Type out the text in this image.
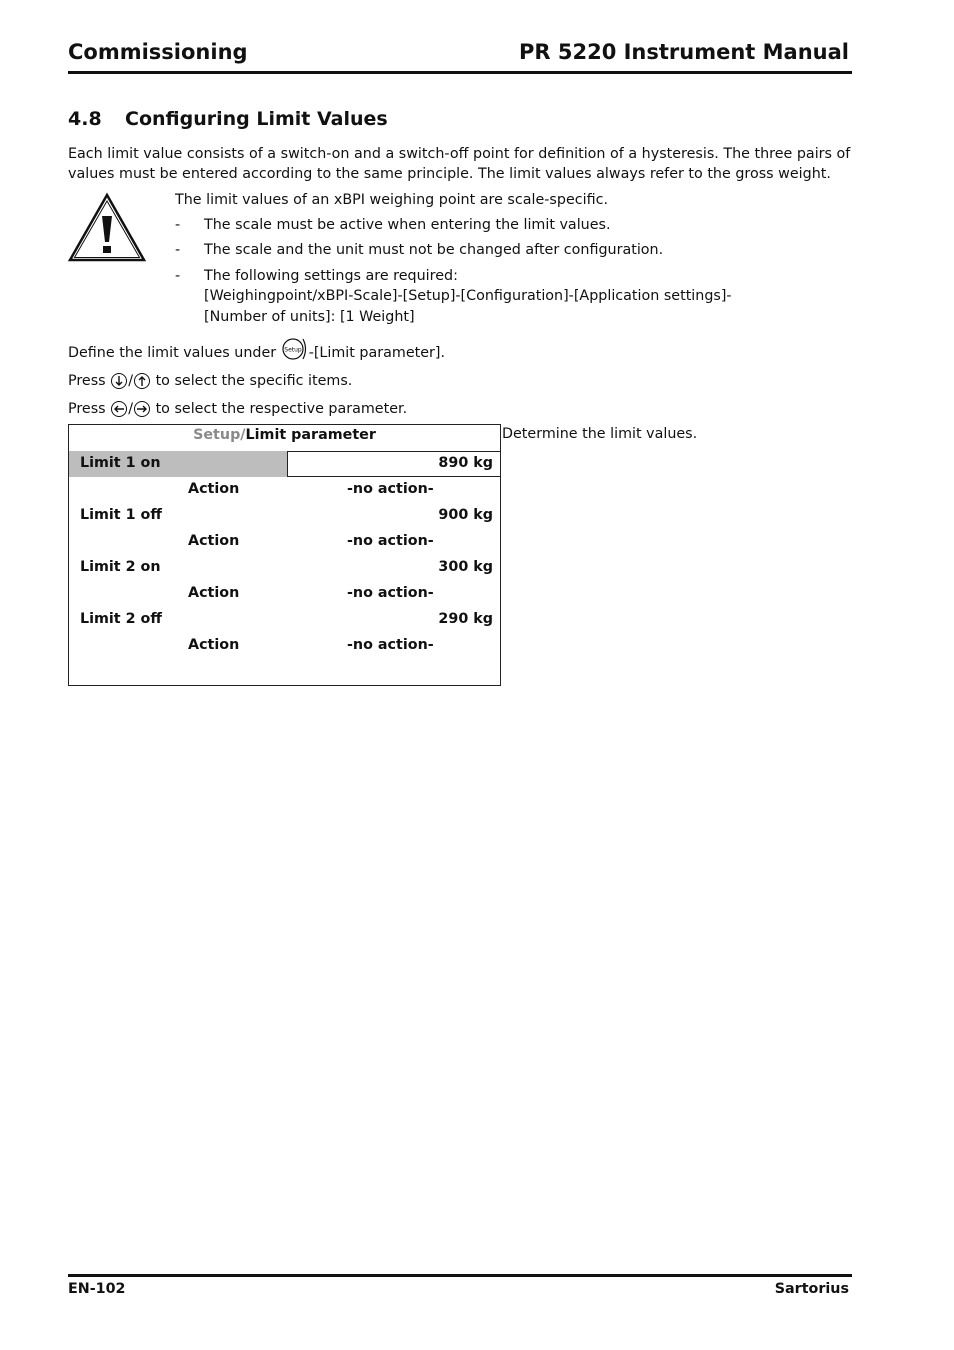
Commissioning	PR 5220 Instrument Manual
4.8 Configuring Limit Values
Each limit value consists of a switch-on and a switch-off point for definition of a hysteresis. The three pairs of values must be entered according to the same principle. The limit values always refer to the gross weight.
The limit values of an xBPI weighing point are scale-specific.
- The scale must be active when entering the limit values.
- The scale and the unit must not be changed after configuration.
- The following settings are required:
[Weighingpoint/xBPI-Scale]-[Setup]-[Configuration]-[Application settings]-
[Number of units]: [1 Weight]
Define the limit values under Setup -[Limit parameter].
Press / to select the specific items.
Press / to select the respective parameter.
Setup/Limit parameter
Limit 1 on	890 kg
Action	-no action-
Limit 1 off	900 kg
Action	-no action-
Limit 2 on	300 kg
Action	-no action-
Limit 2 off	290 kg
Action	-no action-
Determine the limit values.
EN-102	Sartorius
